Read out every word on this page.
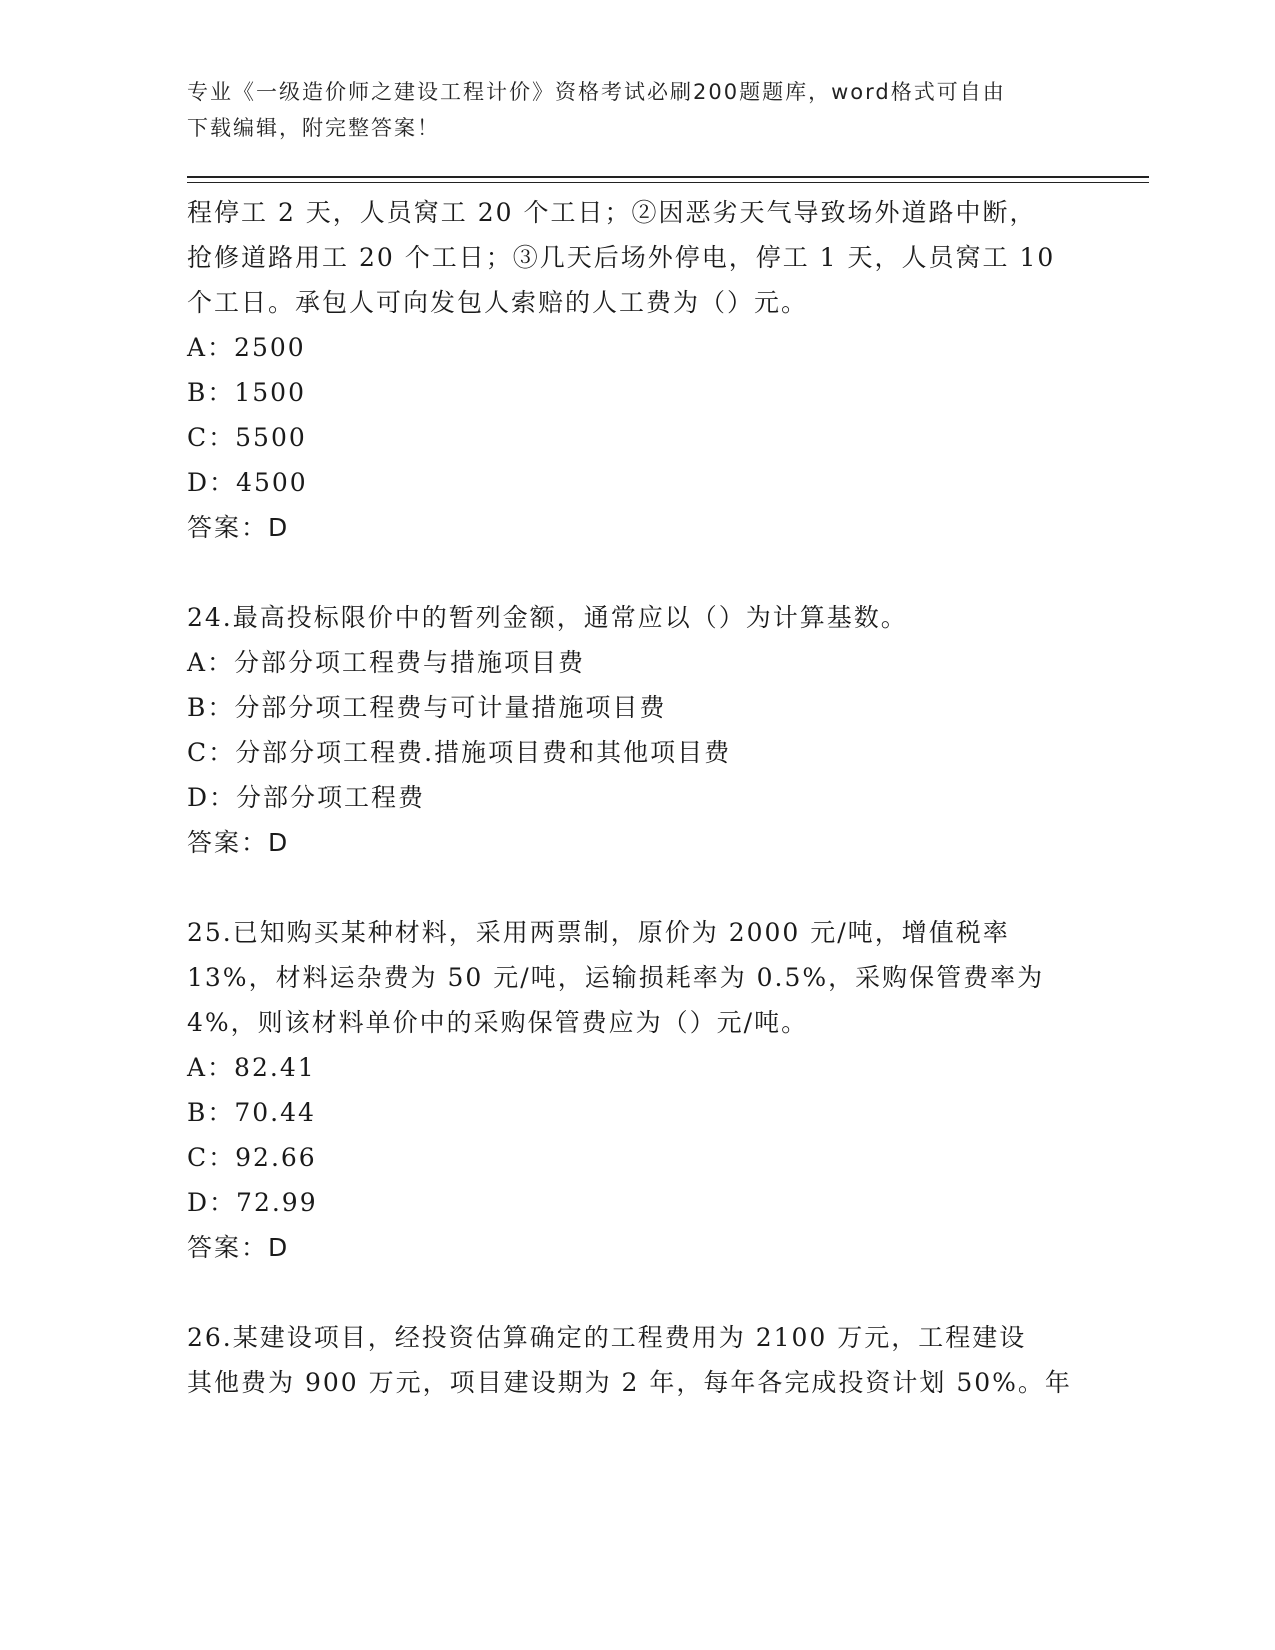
专业《一级造价师之建设工程计价》资格考试必刷200题题库，word格式可自由
下载编辑，附完整答案！

程停工 2 天，人员窝工 20 个工日；②因恶劣天气导致场外道路中断，

抢修道路用工 20 个工日；③几天后场外停电，停工 1 天，人员窝工 10

个工日。承包人可向发包人索赔的人工费为（）元。

A：2500

B：1500

C：5500

D：4500

答案：D

24.最高投标限价中的暂列金额，通常应以（）为计算基数。

A：分部分项工程费与措施项目费

B：分部分项工程费与可计量措施项目费

C：分部分项工程费.措施项目费和其他项目费

D：分部分项工程费

答案：D

25.已知购买某种材料，采用两票制，原价为 2000 元/吨，增值税率

13%，材料运杂费为 50 元/吨，运输损耗率为 0.5%，采购保管费率为

4%，则该材料单价中的采购保管费应为（）元/吨。

A：82.41

B：70.44

C：92.66

D：72.99

答案：D

26.某建设项目，经投资估算确定的工程费用为 2100 万元，工程建设

其他费为 900 万元，项目建设期为 2 年，每年各完成投资计划 50%。年
